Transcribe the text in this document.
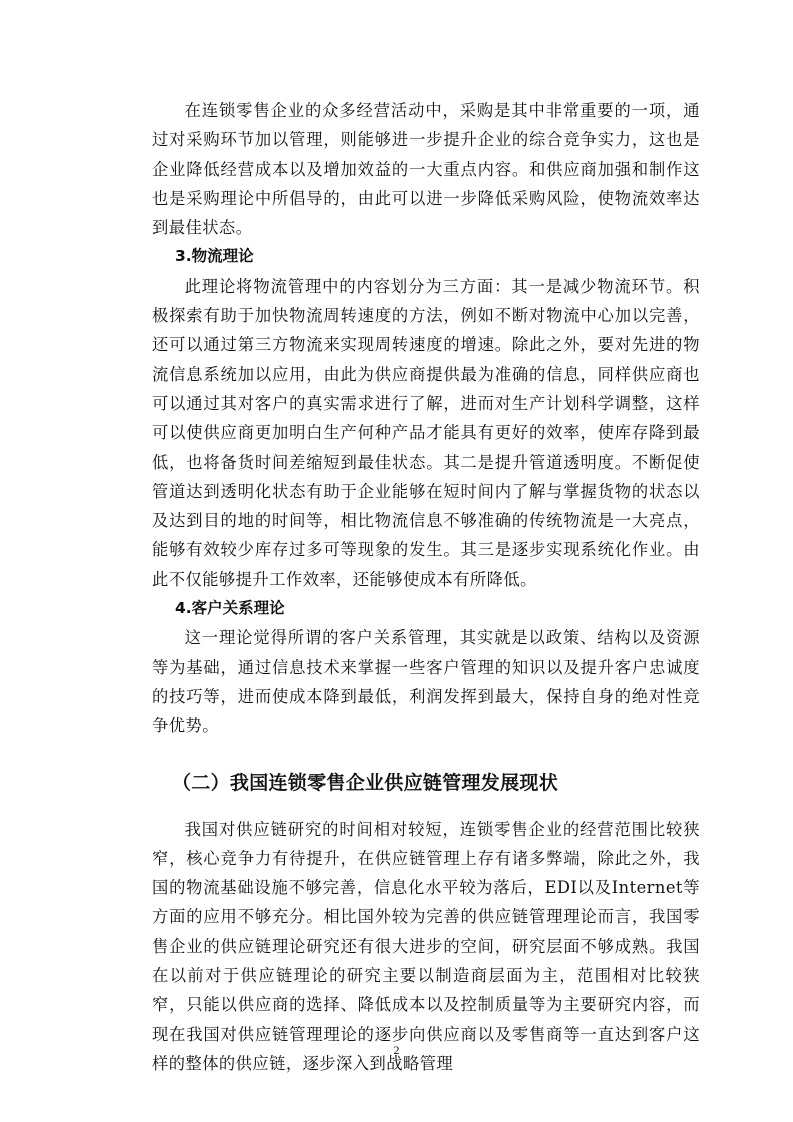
在连锁零售企业的众多经营活动中，采购是其中非常重要的一项，通过对采购环节加以管理，则能够进一步提升企业的综合竞争实力，这也是企业降低经营成本以及增加效益的一大重点内容。和供应商加强和制作这也是采购理论中所倡导的，由此可以进一步降低采购风险，使物流效率达到最佳状态。

3.物流理论

此理论将物流管理中的内容划分为三方面：其一是减少物流环节。积极探索有助于加快物流周转速度的方法，例如不断对物流中心加以完善，还可以通过第三方物流来实现周转速度的增速。除此之外，要对先进的物流信息系统加以应用，由此为供应商提供最为准确的信息，同样供应商也可以通过其对客户的真实需求进行了解，进而对生产计划科学调整，这样可以使供应商更加明白生产何种产品才能具有更好的效率，使库存降到最低，也将备货时间差缩短到最佳状态。其二是提升管道透明度。不断促使管道达到透明化状态有助于企业能够在短时间内了解与掌握货物的状态以及达到目的地的时间等，相比物流信息不够准确的传统物流是一大亮点，能够有效较少库存过多可等现象的发生。其三是逐步实现系统化作业。由此不仅能够提升工作效率，还能够使成本有所降低。

4.客户关系理论

这一理论觉得所谓的客户关系管理，其实就是以政策、结构以及资源等为基础，通过信息技术来掌握一些客户管理的知识以及提升客户忠诚度的技巧等，进而使成本降到最低，利润发挥到最大，保持自身的绝对性竞争优势。

（二）我国连锁零售企业供应链管理发展现状

我国对供应链研究的时间相对较短，连锁零售企业的经营范围比较狭窄，核心竞争力有待提升，在供应链管理上存有诸多弊端，除此之外，我国的物流基础设施不够完善，信息化水平较为落后，EDI以及Internet等方面的应用不够充分。相比国外较为完善的供应链管理理论而言，我国零售企业的供应链理论研究还有很大进步的空间，研究层面不够成熟。我国在以前对于供应链理论的研究主要以制造商层面为主，范围相对比较狭窄，只能以供应商的选择、降低成本以及控制质量等为主要研究内容，而现在我国对供应链管理理论的逐步向供应商以及零售商等一直达到客户这样的整体的供应链，逐步深入到战略管理

2
